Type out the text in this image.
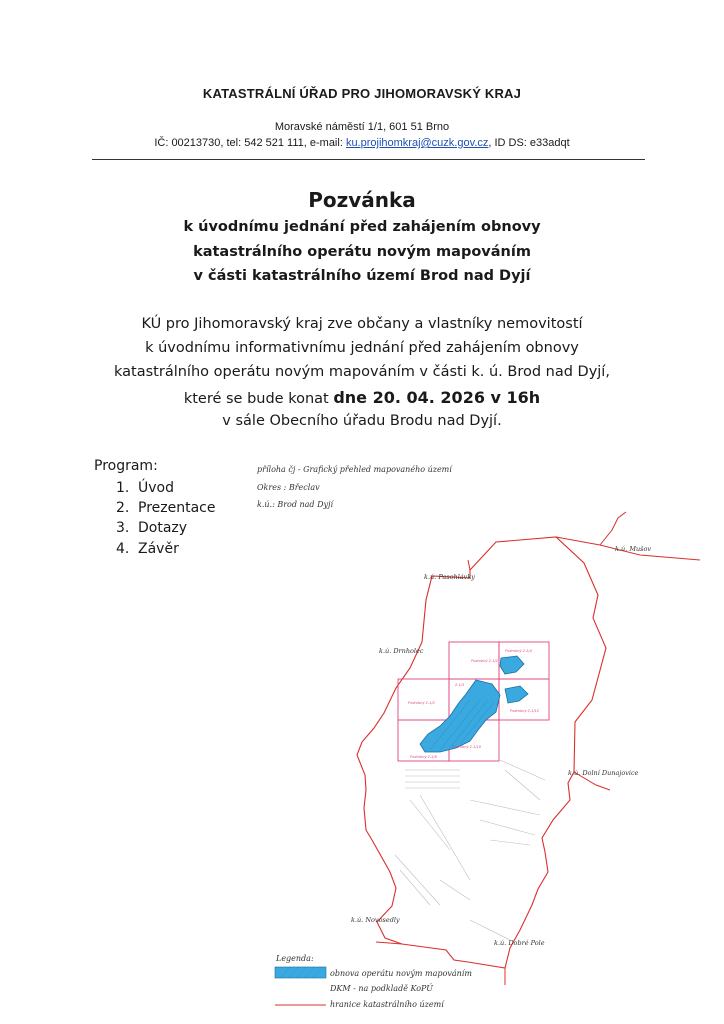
KATASTRÁLNÍ ÚŘAD PRO JIHOMORAVSKÝ KRAJ
Moravské náměstí 1/1, 601 51 Brno
IČ: 00213730, tel: 542 521 111, e-mail: ku.projihomkraj@cuzk.gov.cz, ID DS: e33adqt
Pozvánka
k úvodnímu jednání před zahájením obnovy
katastrálního operátu novým mapováním
v části katastrálního území Brod nad Dyjí
KÚ pro Jihomoravský kraj zve občany a vlastníky nemovitostí
k úvodnímu informativnímu jednání před zahájením obnovy
katastrálního operátu novým mapováním v části k. ú. Brod nad Dyjí,
které se bude konat dne 20. 04. 2026 v 16h
v sále Obecního úřadu Brodu nad Dyjí.
Program:
1. Úvod
2. Prezentace
3. Dotazy
4. Závěr
příloha čj - Grafický přehled mapovaného území
Okres : Břeclav
k.ú.: Brod nad Dyjí
Podrobný 2-1/2
Podrobný 2-1/4
2-1/3
Podrobný 2-1/2
Podrobný 2-1/12
Podrobný 2-1/10
Podrobný 2-1/9
k.ú. Mušov
k.ú. Pasohlávky
k.ú. Drnholec
k.ú. Dolní Dunajovice
k.ú. Novosedly
k.ú. Dobré Pole
Legenda:
obnova operátu novým mapováním
DKM - na podkladě KoPÚ
hranice katastrálního území
